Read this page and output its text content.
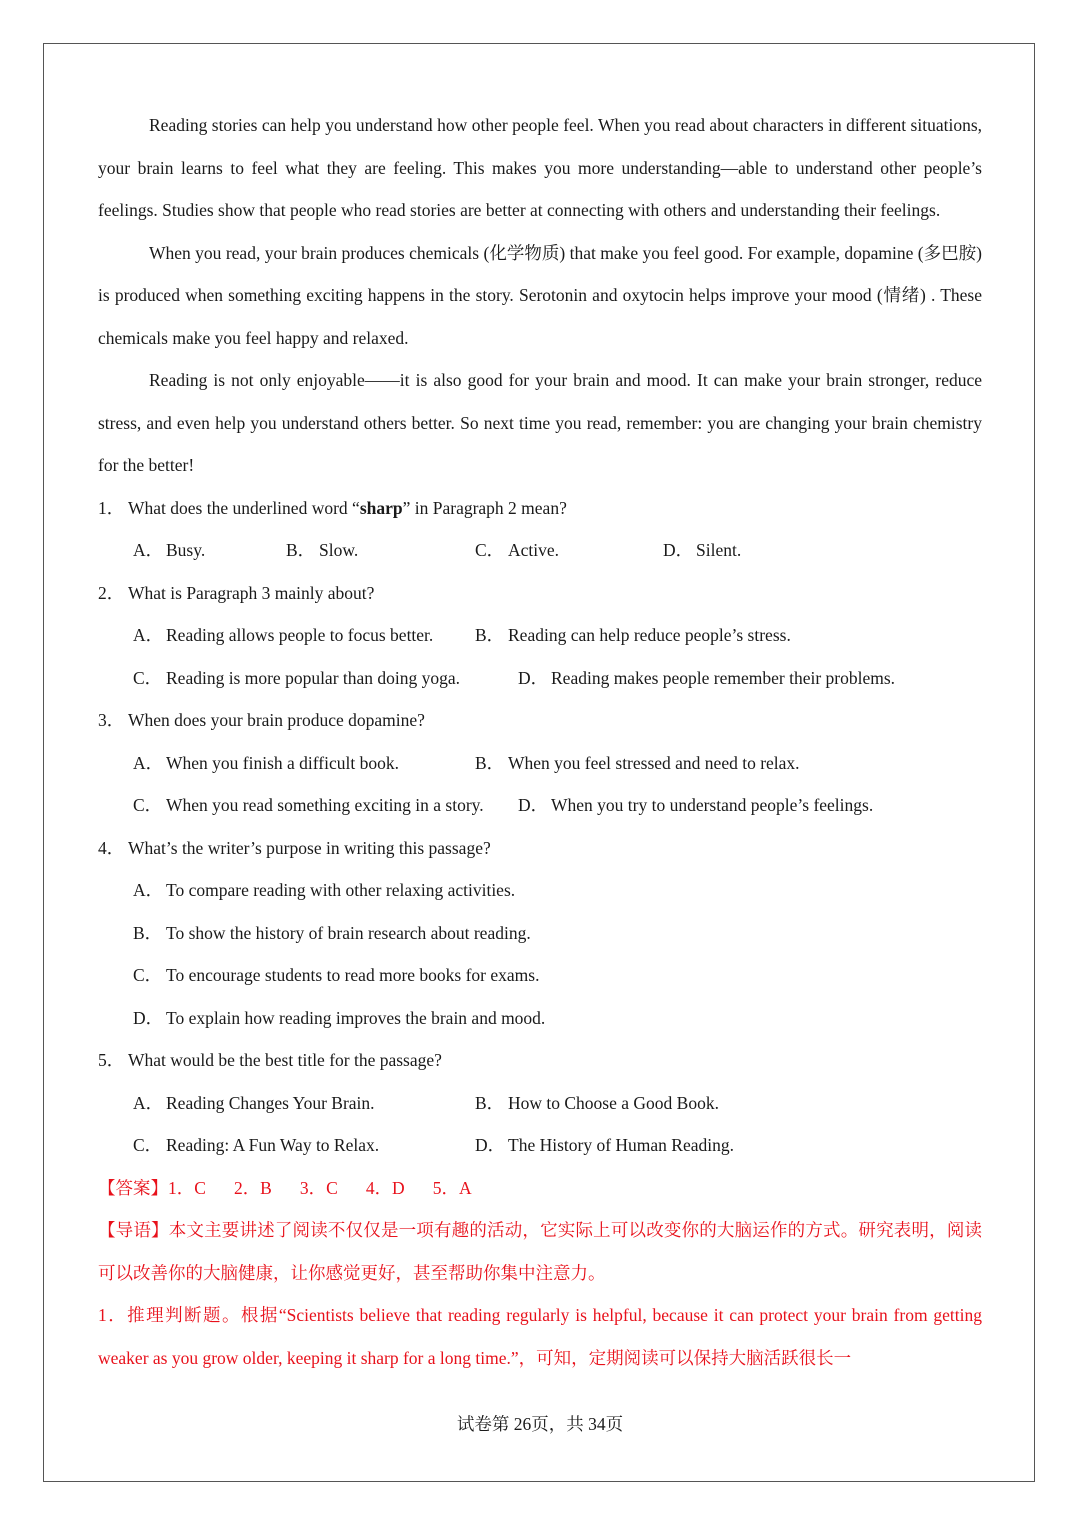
Reading stories can help you understand how other people feel. When you read about characters in different situations, your brain learns to feel what they are feeling. This makes you more understanding—able to understand other people’s feelings. Studies show that people who read stories are better at connecting with others and understanding their feelings.

When you read, your brain produces chemicals (化学物质) that make you feel good. For example, dopamine (多巴胺) is produced when something exciting happens in the story. Serotonin and oxytocin helps improve your mood (情绪) . These chemicals make you feel happy and relaxed.

Reading is not only enjoyable——it is also good for your brain and mood. It can make your brain stronger, reduce stress, and even help you understand others better. So next time you read, remember: you are changing your brain chemistry for the better!

1． What does the underlined word “sharp” in Paragraph 2 mean?

A． Busy.	B． Slow.	C． Active.	D． Silent.

2． What is Paragraph 3 mainly about?

A． Reading allows people to focus better. B． Reading can help reduce people’s stress.
C． Reading is more popular than doing yoga.	D． Reading makes people remember their problems.

3． When does your brain produce dopamine?

A． When you finish a difficult book.	B． When you feel stressed and need to relax.
C． When you read something exciting in a story. D． When you try to understand people’s feelings.

4． What’s the writer’s purpose in writing this passage?

A． To compare reading with other relaxing activities.

B． To show the history of brain research about reading.

C． To encourage students to read more books for exams.

D． To explain how reading improves the brain and mood.

5． What would be the best title for the passage?

A． Reading Changes Your Brain.	B． How to Choose a Good Book.
C． Reading: A Fun Way to Relax.	D． The History of Human Reading.

【答案】1．C 2．B 3．C 4．D 5．A

【导语】本文主要讲述了阅读不仅仅是一项有趣的活动，它实际上可以改变你的大脑运作的方式。研究表明，阅读可以改善你的大脑健康，让你感觉更好，甚至帮助你集中注意力。

1．推理判断题。根据“Scientists believe that reading regularly is helpful, because it can protect your brain from getting weaker as you grow older, keeping it sharp for a long time.”，可知，定期阅读可以保持大脑活跃很长一

试卷第 26页，共 34页
